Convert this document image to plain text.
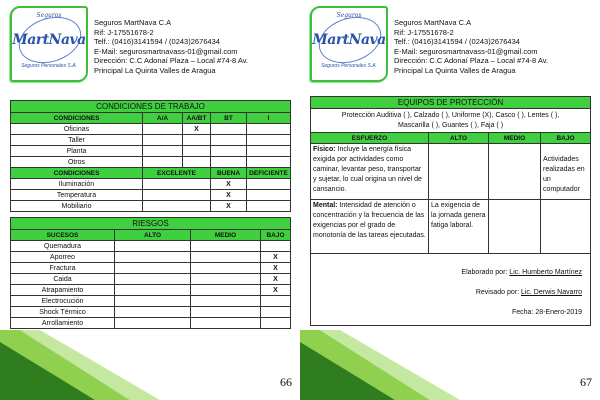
Seguros
MartNava
Seguros Personales S.A.
Seguros MartNava C.A
Rif: J-17551678-2
Telf.: (0416)3141594 / (0243)2676434
E-Mail: segurosmartnavass-01@gmail.com
Dirección: C.C Adonaí Plaza – Local #74-8 Av.
Principal La Quinta Valles de Aragua
CONDICIONES DE TRABAJO				
CONDICIONES	A/A	AA/BT	BT	I
Oficinas		X		
Taller				
Planta				
Otros				
CONDICIONES	EXCELENTE		BUENA	DEFICIENTE
Iluminación			X	
Temperatura			X	
Mobiliario			X	
RIESGOS			
SUCESOS	ALTO	MEDIO	BAJO
Quemadura			
Aporreo			X
Fractura			X
Caida			X
Atrapamiento			X
Electrocución			
Shock Térmico			
Arrollamiento			
66
Seguros
MartNava
Seguros Personales S.A.
Seguros MartNava C.A
Rif: J-17551678-2
Telf.: (0416)3141594 / (0243)2676434
E-Mail: segurosmartnavass-01@gmail.com
Dirección: C.C Adonaí Plaza – Local #74-8 Av.
Principal La Quinta Valles de Aragua
EQUIPOS DE PROTECCIÓN			

Protección Auditiva ( ), Calzado ( ), Uniforme (X), Casco ( ), Lentes ( ),
Mascarilla ( ), Guantes ( ), Faja ( )			

ESFUERZO	ALTO	MEDIO	BAJO
Físico: Incluye la energía física exigida por actividades como caminar, levantar peso, transportar y sujetar, lo cual origina un nivel de cansancio.			Actividades realizadas en un computador
Mental: Intensidad de atención o concentración y la frecuencia de las exigencias por el grado de monotonía de las tareas ejecutadas.	La exigencia de la jornada genera fatiga laboral.		

Elaborado por: Lic. Humberto Martínez
Revisado por: Lic. Derwis Navarro
Fecha: 28-Enero-2019			
67
